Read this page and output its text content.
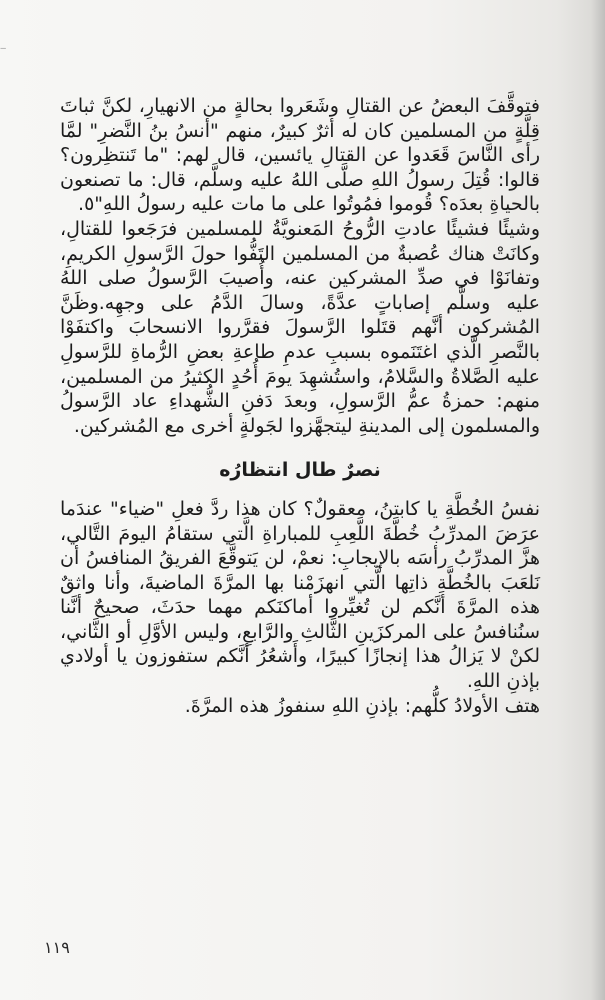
‒

فتوقَّفَ البعضُ عن القتالِ وشَعَروا بحالةٍ من الانهيارِ، لكنَّ ثباتَ قِلَّةٍ من المسلمين كان له أثرٌ كبيرٌ، منهم "أنسُ بنُ النَّضرِ" لمَّا رأى النَّاسَ قَعَدوا عن القتالِ يائسين، قال لهم: "ما تَنتظِرون؟ قالوا: قُتِلَ رسولُ اللهِ صلَّى اللهُ عليه وسلَّم، قال: ما تصنعون بالحياةِ بعدَه؟ قُوموا فمُوتُوا على ما مات عليه رسولُ اللهِ"٥.

وشيئًا فشيئًا عادتِ الرُّوحُ المَعنويَّةُ للمسلمين فرَجَعوا للقتالِ، وكانَتْ هناك عُصبةٌ من المسلمين التَفُّوا حولَ الرَّسولِ الكريمِ، وتفانَوْا في صدِّ المشركين عنه، وأُصيبَ الرَّسولُ صلى اللهُ عليه وسلَّم إصاباتٍ عدَّةً، وسالَ الدَّمُ على وجهِه.وظَنَّ المُشركون أنَّهم قتَلوا الرَّسولَ فقرَّروا الانسحابَ واكتفَوْا بالنَّصرِ الَّذي اغتَنَموه بسببِ عدمِ طاعةِ بعضِ الرُّماةِ للرَّسولِ عليه الصَّلاةُ والسَّلامُ، واستُشهِدَ يومَ أُحُدٍ الكثيرُ من المسلمين، منهم: حمزةُ عمُّ الرَّسولِ، وبعدَ دَفنِ الشُّهداءِ عاد الرَّسولُ والمسلمون إلى المدينةِ ليتجهَّزوا لجَولةٍ أخرى مع المُشركين.

نصرٌ طال انتظارُه

نفسُ الخُطَّةِ يا كابتنُ، معقولٌ؟ كان هذا ردَّ فعلِ "ضياء" عندَما عرَضَ المدرِّبُ خُطَّةَ اللَّعِبِ للمباراةِ الَّتي ستقامُ اليومَ التَّالي، هزَّ المدرِّبُ رأسَه بالإيجابِ: نعمْ، لن يَتوقَّعَ الفريقُ المنافسُ أن نَلعَبَ بالخُطَّةِ ذاتِها الَّتي انهزَمْنا بها المرَّةَ الماضيةَ، وأنا واثقٌ هذه المرَّةَ أنَّكم لن تُغيِّروا أماكنَكم مهما حدَثَ، صحيحٌ أنَّنا سنُنافسُ على المركزَينِ الثَّالثِ والرَّابعِ، وليس الأوَّلِ أو الثَّاني، لكنْ لا يَزالُ هذا إنجازًا كبيرًا، وأَشعُرُ أنَّكم ستفوزون يا أولادي بإذنِ اللهِ.

هتف الأولادُ كلُّهم: بإذنِ اللهِ سنفوزُ هذه المرَّةَ.

١١٩
